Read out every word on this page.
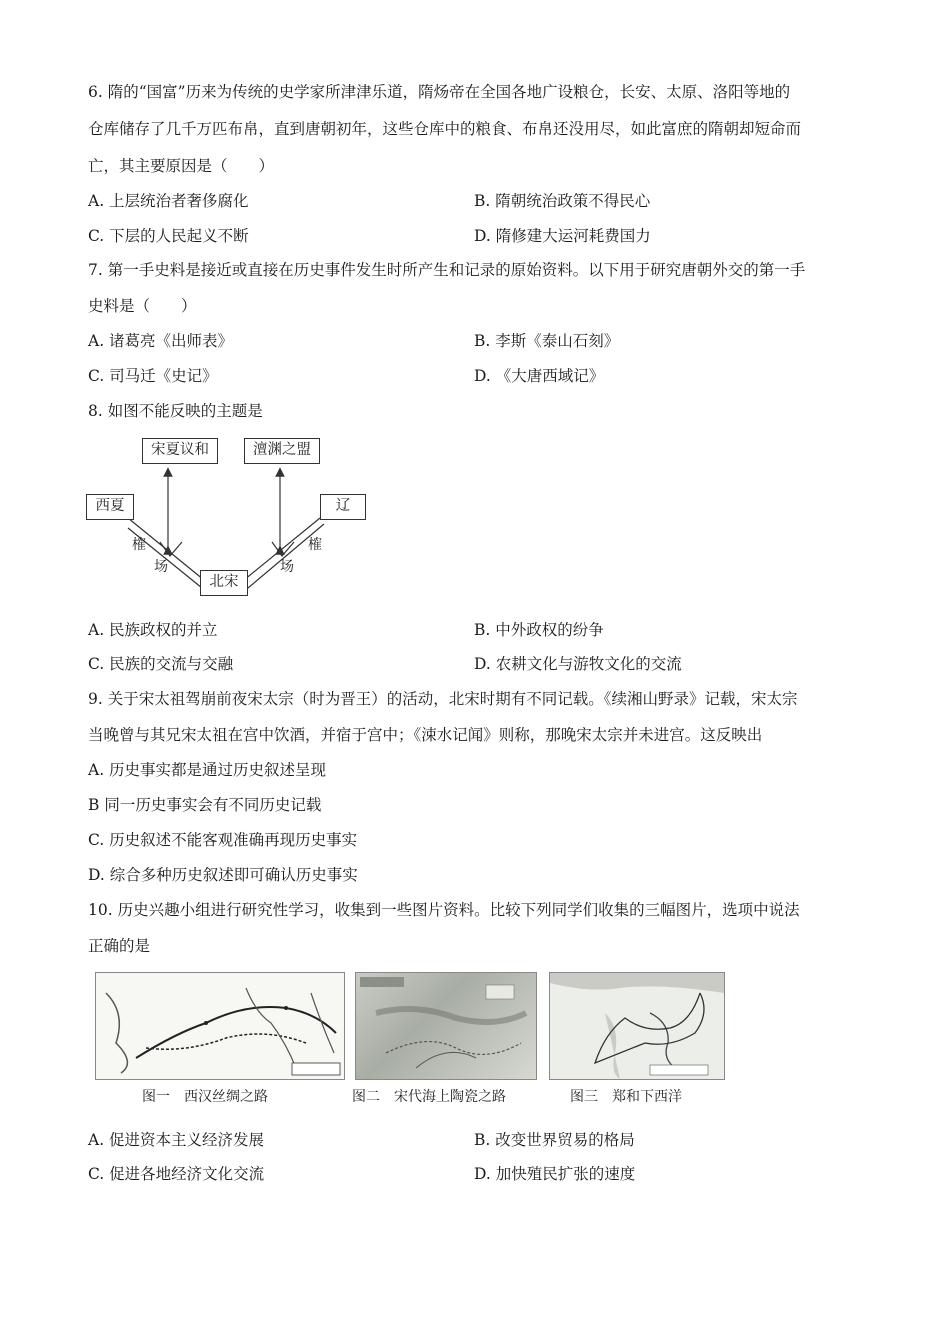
6. 隋的“国富”历来为传统的史学家所津津乐道，隋炀帝在全国各地广设粮仓，长安、太原、洛阳等地的
仓库储存了几千万匹布帛，直到唐朝初年，这些仓库中的粮食、布帛还没用尽，如此富庶的隋朝却短命而
亡，其主要原因是（　　）
A. 上层统治者奢侈腐化	B. 隋朝统治政策不得民心
C. 下层的人民起义不断	D. 隋修建大运河耗费国力
7. 第一手史料是接近或直接在历史事件发生时所产生和记录的原始资料。以下用于研究唐朝外交的第一手
史料是（　　）
A. 诸葛亮《出师表》	B. 李斯《泰山石刻》
C. 司马迁《史记》	D. 《大唐西域记》
8. 如图不能反映的主题是
宋夏议和	澶渊之盟
西夏	辽
北宋
榷
场
榷
场
A. 民族政权的并立	B. 中外政权的纷争
C. 民族的交流与交融	D. 农耕文化与游牧文化的交流
9. 关于宋太祖驾崩前夜宋太宗（时为晋王）的活动，北宋时期有不同记载。《续湘山野录》记载，宋太宗
当晚曾与其兄宋太祖在宫中饮酒，并宿于宫中；《涑水记闻》则称，那晚宋太宗并未进宫。这反映出
A. 历史事实都是通过历史叙述呈现
B 同一历史事实会有不同历史记载
C. 历史叙述不能客观准确再现历史事实
D. 综合多种历史叙述即可确认历史事实
10. 历史兴趣小组进行研究性学习，收集到一些图片资料。比较下列同学们收集的三幅图片，选项中说法
正确的是
图一　西汉丝绸之路	图二　宋代海上陶瓷之路	图三　郑和下西洋
A. 促进资本主义经济发展	B. 改变世界贸易的格局
C. 促进各地经济文化交流	D. 加快殖民扩张的速度
